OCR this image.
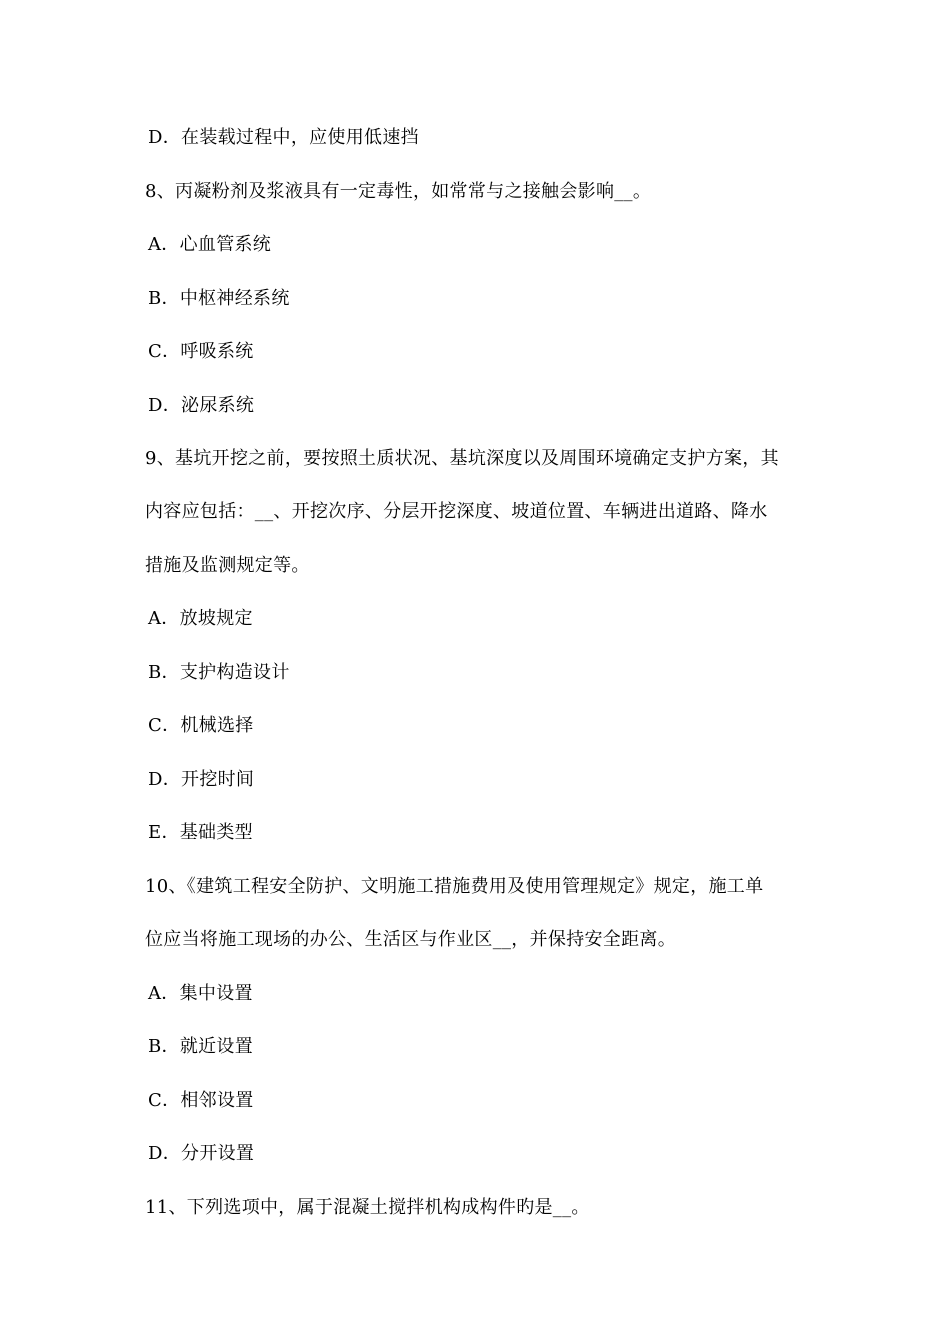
D．在装载过程中，应使用低速挡
8、丙凝粉剂及浆液具有一定毒性，如常常与之接触会影响__。
A．心血管系统
B．中枢神经系统
C．呼吸系统
D．泌尿系统
9、基坑开挖之前，要按照土质状况、基坑深度以及周围环境确定支护方案，其
内容应包括：__、开挖次序、分层开挖深度、坡道位置、车辆进出道路、降水
措施及监测规定等。
A．放坡规定
B．支护构造设计
C．机械选择
D．开挖时间
E．基础类型
10、《建筑工程安全防护、文明施工措施费用及使用管理规定》规定，施工单
位应当将施工现场的办公、生活区与作业区__，并保持安全距离。
A．集中设置
B．就近设置
C．相邻设置
D．分开设置
11、下列选项中，属于混凝土搅拌机构成构件旳是__。
